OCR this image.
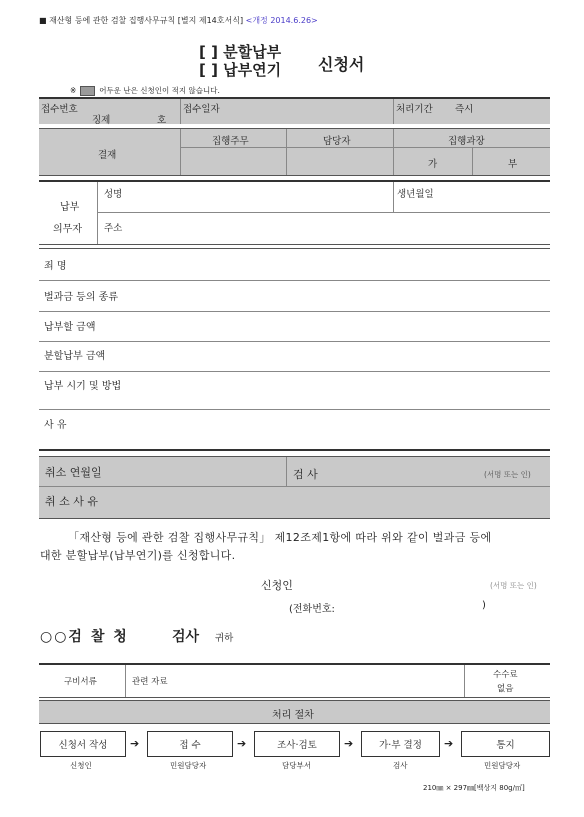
■ 재산형 등에 관한 검찰 집행사무규칙 [별지 제14호서식] <개정 2014.6.26>
[ ] 분할납부
[ ] 납부연기 신청서
※	어두운 난은 신청인이 적지 않습니다.
접수번호
징제	호
접수일자	처리기간 즉시
결재
집행주무	담당자	집행과장
가	부
납부
의무자
성명	생년월일
주소
죄 명
벌과금 등의 종류
납부할 금액
분할납부 금액
납부 시기 및 방법
사 유
취소 연월일	검 사	(서명 또는 인)
취 소 사 유
「재산형 등에 관한 검찰 집행사무규칙」 제12조제1항에 따라 위와 같이 벌과금 등에
대한 분할납부(납부연기)를 신청합니다.
신청인	(서명 또는 인)
(전화번호:	)
○○검 찰 청	검사 귀하
구비서류	관련 자료
수수료
없음
처리 절차
신청서 작성	접 수	조사·검토	가·부 결정	통지
➔	➔	➔	➔
신청인	민원담당자	담당부서	검사	민원담당자
210㎜ × 297㎜[백상지 80g/㎡]
